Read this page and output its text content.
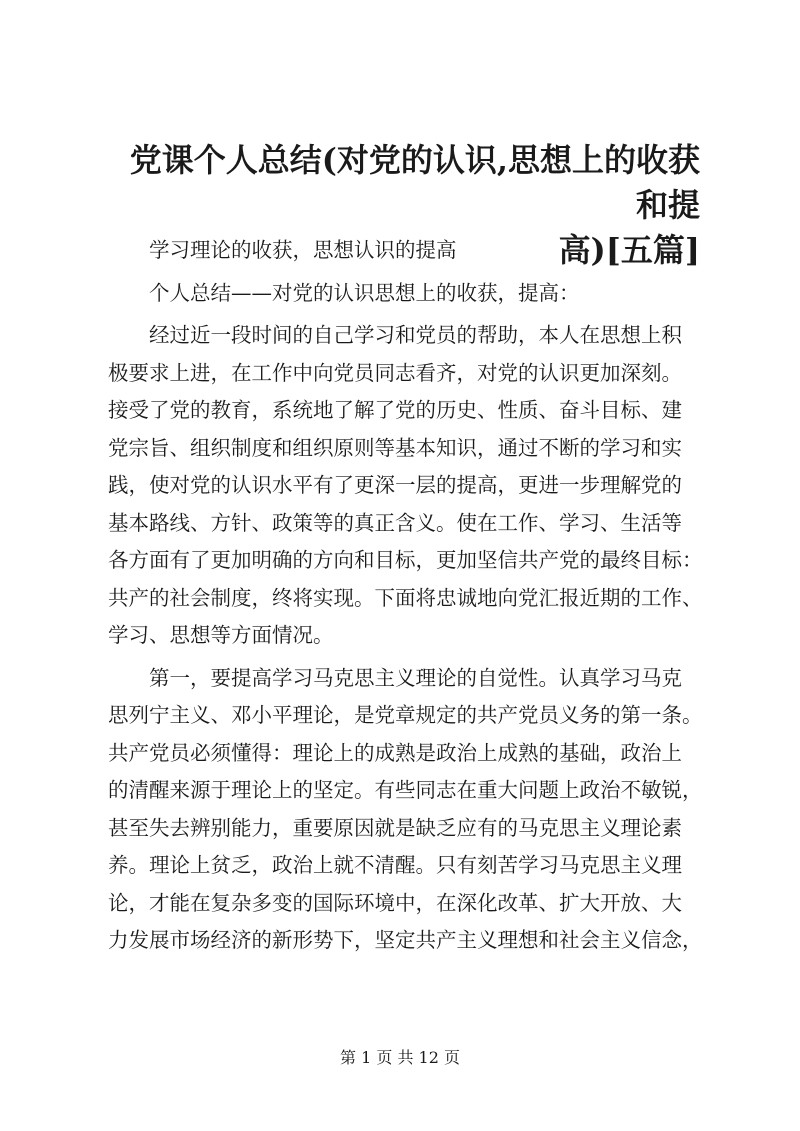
党课个人总结(对党的认识,思想上的收获和提
高)[五篇]

学习理论的收获，思想认识的提高

个人总结——对党的认识思想上的收获，提高：

经过近一段时间的自己学习和党员的帮助，本人在思想上积
极要求上进，在工作中向党员同志看齐，对党的认识更加深刻。
接受了党的教育，系统地了解了党的历史、性质、奋斗目标、建
党宗旨、组织制度和组织原则等基本知识，通过不断的学习和实
践，使对党的认识水平有了更深一层的提高，更进一步理解党的
基本路线、方针、政策等的真正含义。使在工作、学习、生活等
各方面有了更加明确的方向和目标，更加坚信共产党的最终目标：
共产的社会制度，终将实现。下面将忠诚地向党汇报近期的工作、
学习、思想等方面情况。

第一，要提高学习马克思主义理论的自觉性。认真学习马克
思列宁主义、邓小平理论，是党章规定的共产党员义务的第一条。
共产党员必须懂得：理论上的成熟是政治上成熟的基础，政治上
的清醒来源于理论上的坚定。有些同志在重大问题上政治不敏锐，
甚至失去辨别能力，重要原因就是缺乏应有的马克思主义理论素
养。理论上贫乏，政治上就不清醒。只有刻苦学习马克思主义理
论，才能在复杂多变的国际环境中，在深化改革、扩大开放、大
力发展市场经济的新形势下，坚定共产主义理想和社会主义信念，

第 1 页 共 12 页
